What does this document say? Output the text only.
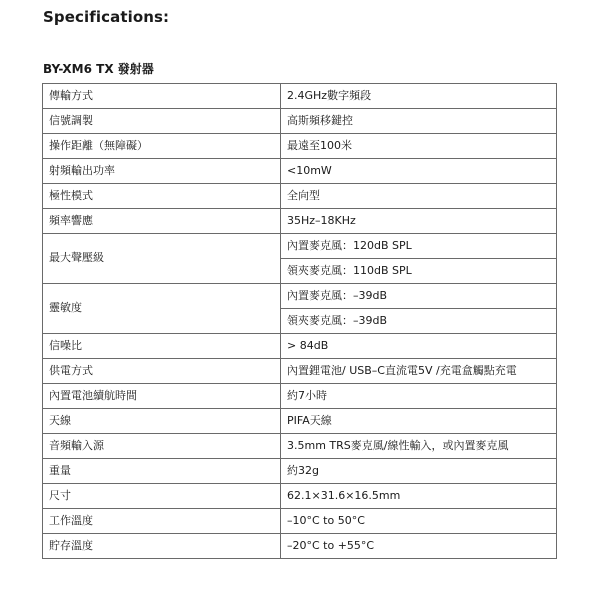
Specifications:
BY-XM6 TX 發射器
傳輸方式	2.4GHz數字頻段
信號調製	高斯頻移鍵控
操作距離（無障礙）	最遠至100米
射頻輸出功率	<10mW
極性模式	全向型
頻率響應	35Hz–18KHz
最大聲壓級	內置麥克風：120dB SPL
	領夾麥克風：110dB SPL
靈敏度	內置麥克風：–39dB
	領夾麥克風：–39dB
信噪比	> 84dB
供電方式	內置鋰電池/ USB–C直流電5V /充電盒觸點充電
內置電池續航時間	約7小時
天線	PIFA天線
音頻輸入源	3.5mm TRS麥克風/線性輸入，或內置麥克風
重量	約32g
尺寸	62.1×31.6×16.5mm
工作溫度	–10°C to 50°C
貯存溫度	–20°C to +55°C
